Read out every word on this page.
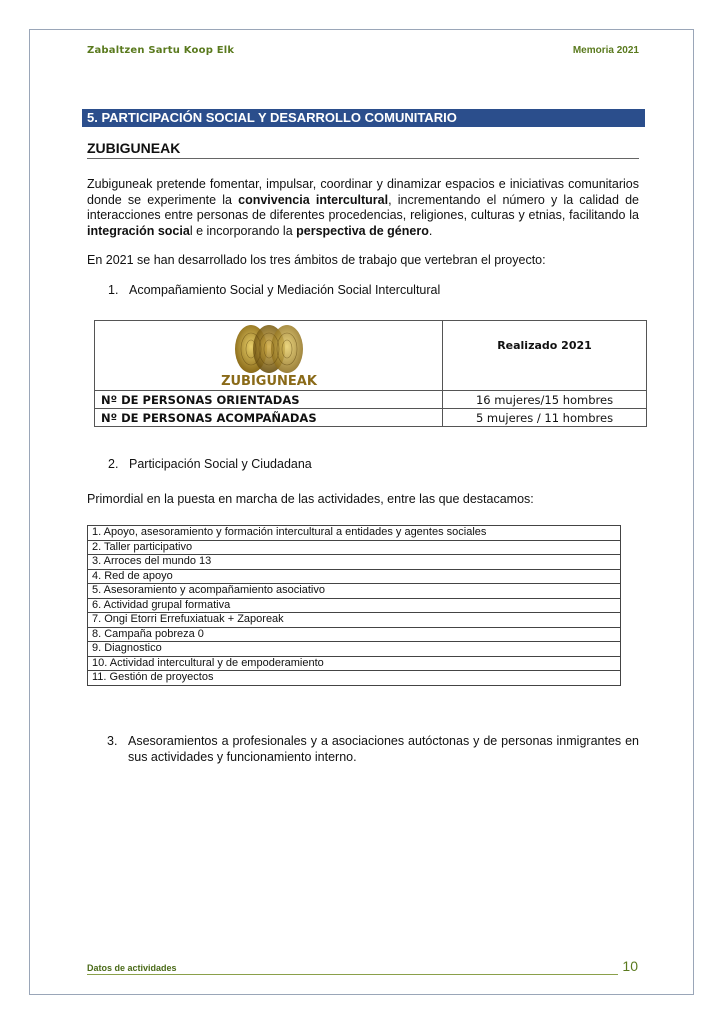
Zabaltzen Sartu Koop Elk	Memoria 2021
5. PARTICIPACIÓN SOCIAL Y DESARROLLO COMUNITARIO
ZUBIGUNEAK
Zubiguneak pretende fomentar, impulsar, coordinar y dinamizar espacios e iniciativas comunitarios donde se experimente la convivencia intercultural, incrementando el número y la calidad de interacciones entre personas de diferentes procedencias, religiones, culturas y etnias, facilitando la integración social e incorporando la perspectiva de género.
En 2021 se han desarrollado los tres ámbitos de trabajo que vertebran el proyecto:
1. Acompañamiento Social y Mediación Social Intercultural
ZUBIGUNEAK	Realizado 2021
Nº DE PERSONAS ORIENTADAS	16 mujeres/15 hombres
Nº DE PERSONAS ACOMPAÑADAS	5 mujeres / 11 hombres
2. Participación Social y Ciudadana
Primordial en la puesta en marcha de las actividades, entre las que destacamos:
1. Apoyo, asesoramiento y formación intercultural a entidades y agentes sociales
2. Taller participativo
3. Arroces del mundo 13
4. Red de apoyo
5. Asesoramiento y acompañamiento asociativo
6. Actividad grupal formativa
7. Ongi Etorri Errefuxiatuak + Zaporeak
8. Campaña pobreza 0
9. Diagnostico
10. Actividad intercultural y de empoderamiento
11. Gestión de proyectos
3. Asesoramientos a profesionales y a asociaciones autóctonas y de personas inmigrantes en sus actividades y funcionamiento interno.
Datos de actividades	10
